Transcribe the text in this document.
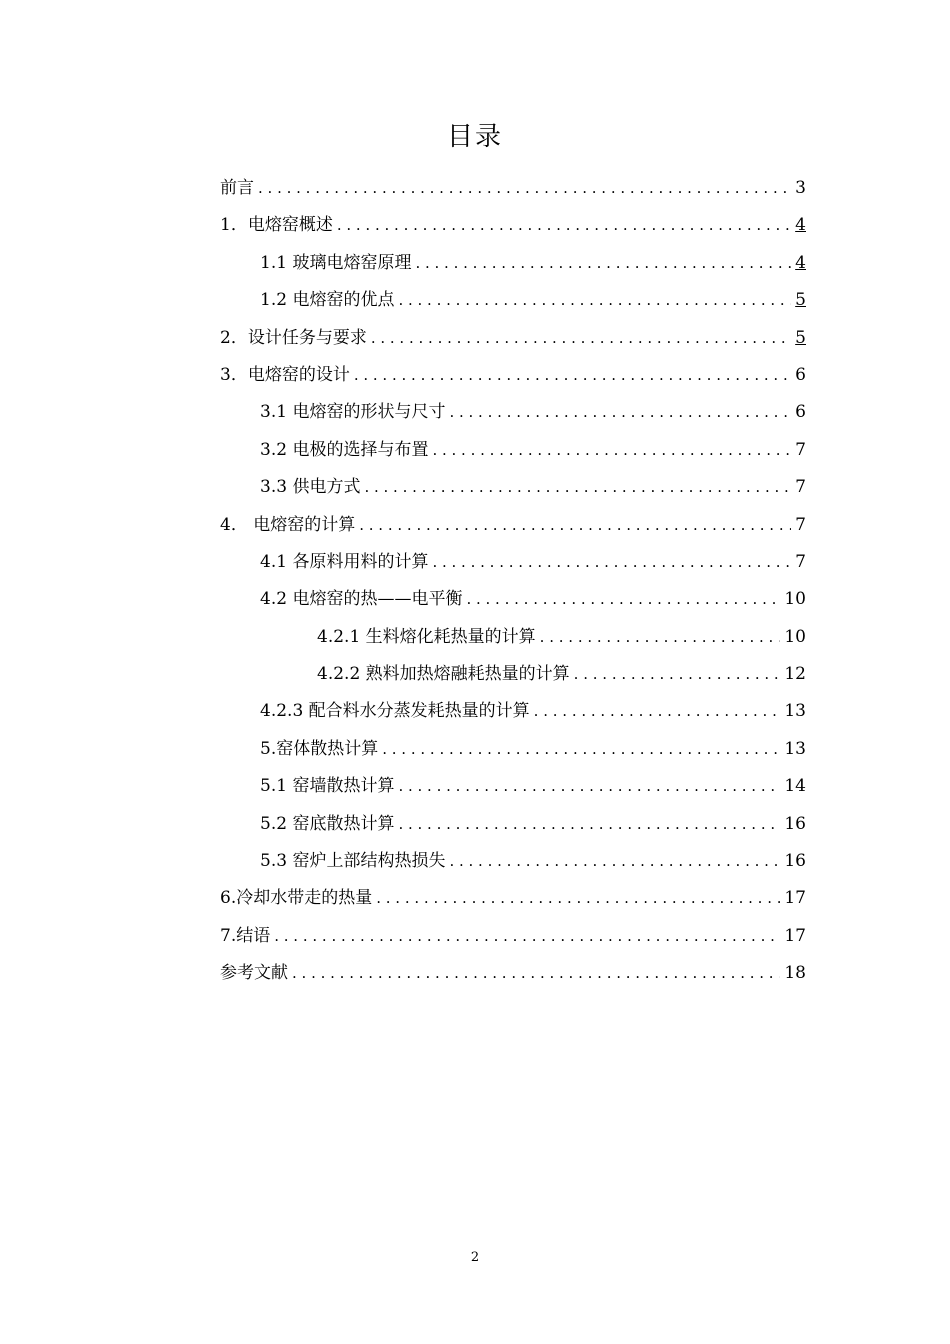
目录
前言 . . .	3
1．电熔窑概述 . . .	4
1.1 玻璃电熔窑原理 . . .	4
1.2 电熔窑的优点 . . .	5
2．设计任务与要求 . . .	5
3．电熔窑的设计 . . .	6
3.1 电熔窑的形状与尺寸 . . .	6
3.2 电极的选择与布置 . . .	7
3.3 供电方式 . . .	7
4． 电熔窑的计算 . . .	7
4.1 各原料用料的计算 . . .	7
4.2 电熔窑的热——电平衡 . . .	10
4.2.1 生料熔化耗热量的计算 . . .	10
4.2.2 熟料加热熔融耗热量的计算 . . .	12
4.2.3 配合料水分蒸发耗热量的计算 . . .	13
5.窑体散热计算 . . .	13
5.1 窑墙散热计算 . . .	14
5.2 窑底散热计算 . . .	16
5.3 窑炉上部结构热损失 . . .	16
6.冷却水带走的热量 . . .	17
7.结语 . . .	17
参考文献 . . .	18
2
